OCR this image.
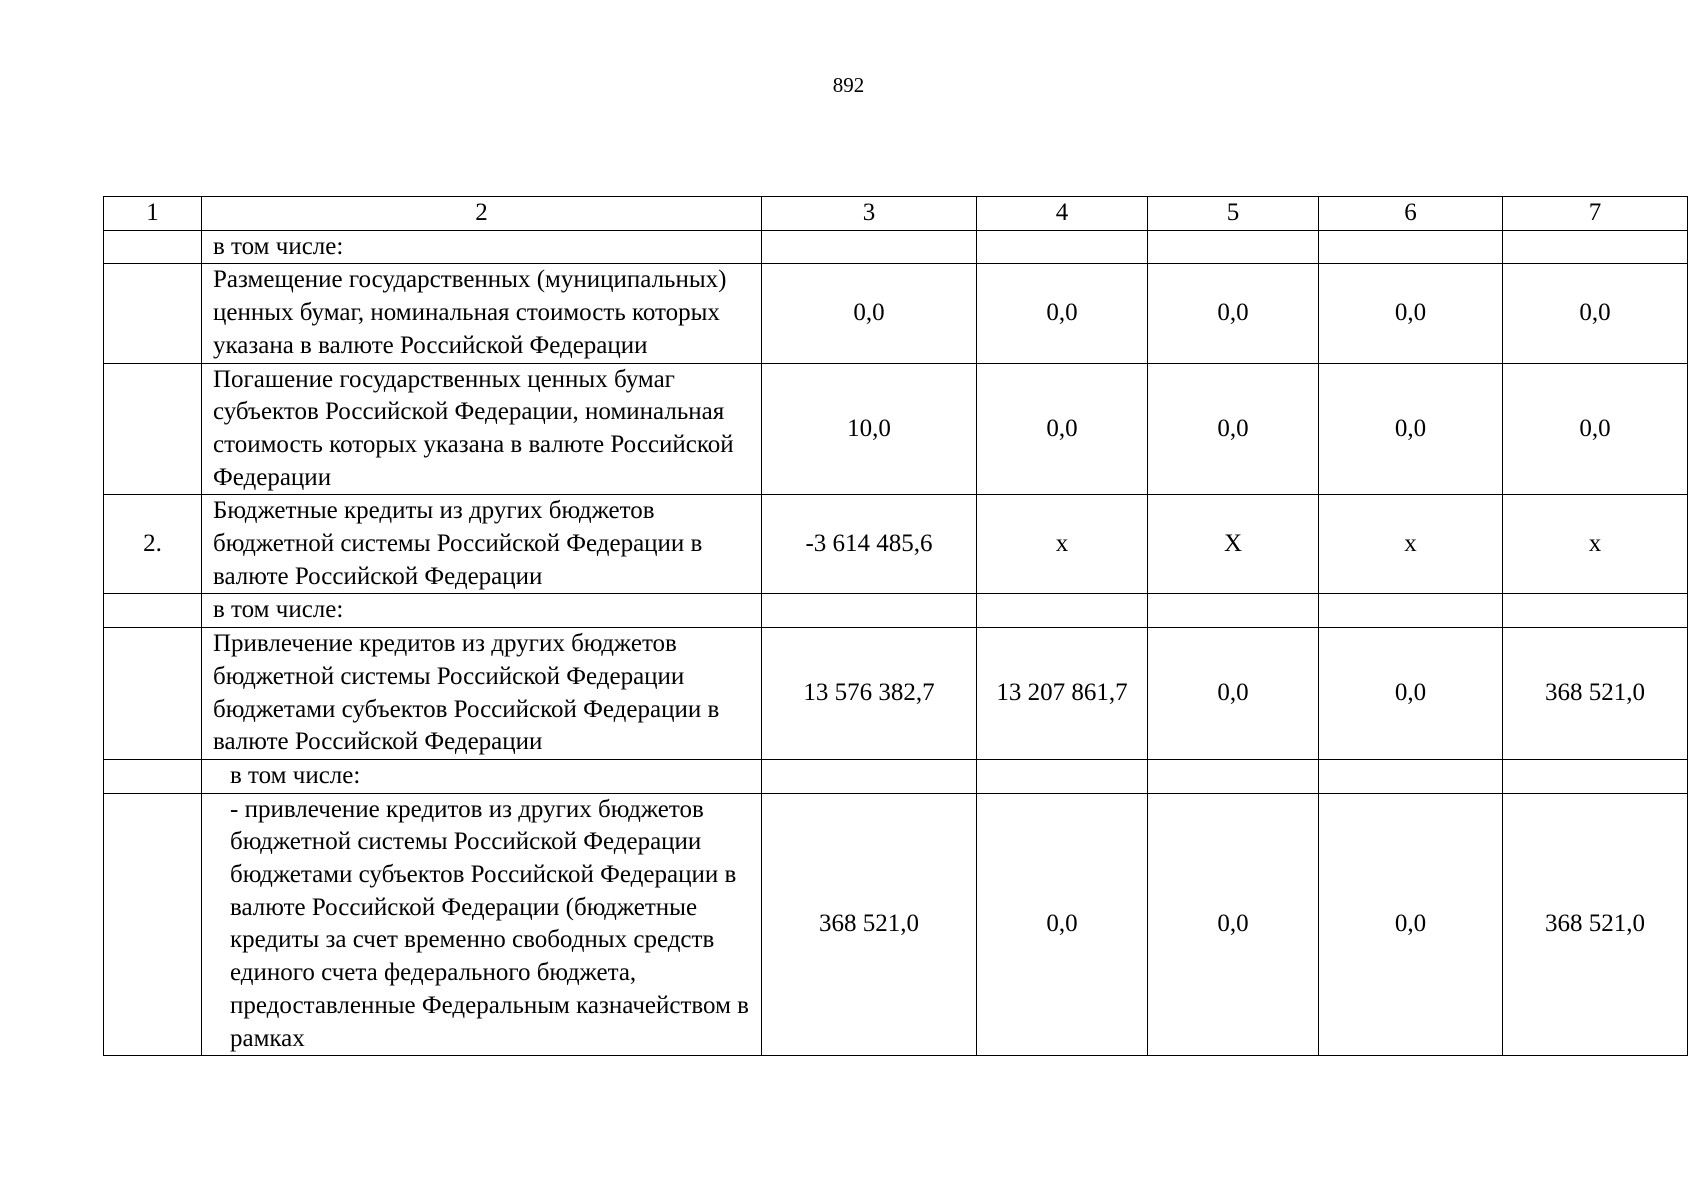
892
1	2	3	4	5	6	7
	в том числе:					
	Размещение государственных (муниципальных) ценных бумаг, номинальная стоимость которых указана в валюте Российской Федерации	0,0	0,0	0,0	0,0	0,0
	Погашение государственных ценных бумаг субъектов Российской Федерации, номинальная стоимость которых указана в валюте Российской Федерации	10,0	0,0	0,0	0,0	0,0
2.	Бюджетные кредиты из других бюджетов бюджетной системы Российской Федерации в валюте Российской Федерации	-3 614 485,6	x	X	x	x
	в том числе:					
	Привлечение кредитов из других бюджетов бюджетной системы Российской Федерации бюджетами субъектов Российской Федерации в валюте Российской Федерации	13 576 382,7	13 207 861,7	0,0	0,0	368 521,0
	в том числе:					
	- привлечение кредитов из других бюджетов бюджетной системы Российской Федерации бюджетами субъектов Российской Федерации в валюте Российской Федерации (бюджетные кредиты за счет временно свободных средств единого счета федерального бюджета, предоставленные Федеральным казначейством в рамках	368 521,0	0,0	0,0	0,0	368 521,0
